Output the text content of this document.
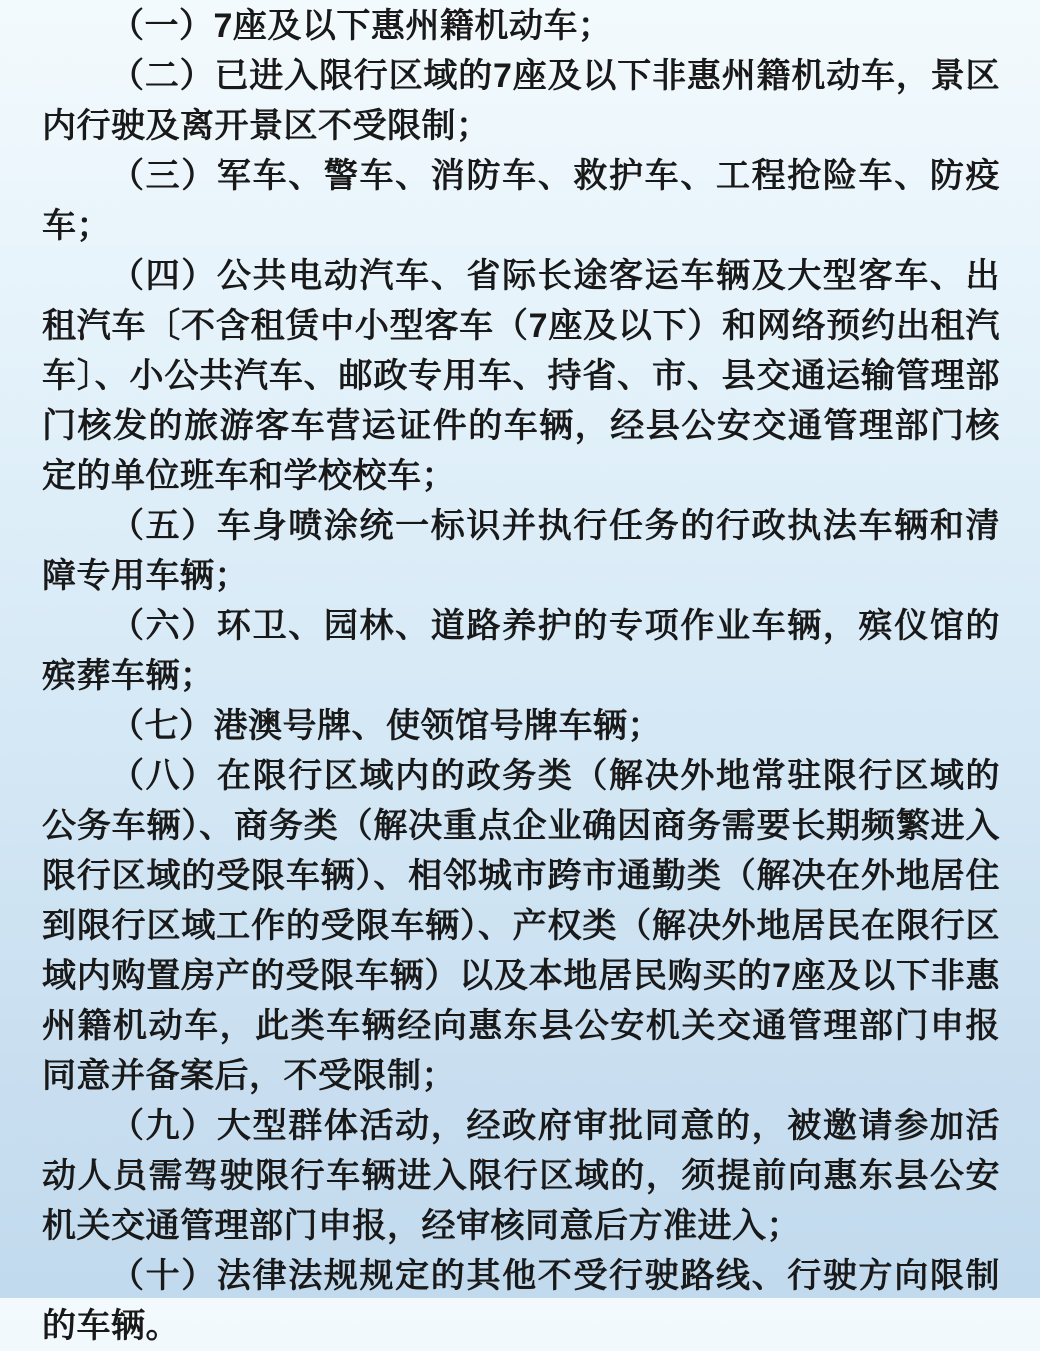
（一）7座及以下惠州籍机动车；

（二）已进入限行区域的7座及以下非惠州籍机动车，景区内行驶及离开景区不受限制；

（三）军车、警车、消防车、救护车、工程抢险车、防疫车；

（四）公共电动汽车、省际长途客运车辆及大型客车、出租汽车〔不含租赁中小型客车（7座及以下）和网络预约出租汽车〕、小公共汽车、邮政专用车、持省、市、县交通运输管理部门核发的旅游客车营运证件的车辆，经县公安交通管理部门核定的单位班车和学校校车；

（五）车身喷涂统一标识并执行任务的行政执法车辆和清障专用车辆；

（六）环卫、园林、道路养护的专项作业车辆，殡仪馆的殡葬车辆；

（七）港澳号牌、使领馆号牌车辆；

（八）在限行区域内的政务类（解决外地常驻限行区域的公务车辆）、商务类（解决重点企业确因商务需要长期频繁进入限行区域的受限车辆）、相邻城市跨市通勤类（解决在外地居住到限行区域工作的受限车辆）、产权类（解决外地居民在限行区域内购置房产的受限车辆）以及本地居民购买的7座及以下非惠州籍机动车，此类车辆经向惠东县公安机关交通管理部门申报同意并备案后，不受限制；

（九）大型群体活动，经政府审批同意的，被邀请参加活动人员需驾驶限行车辆进入限行区域的，须提前向惠东县公安机关交通管理部门申报，经审核同意后方准进入；

（十）法律法规规定的其他不受行驶路线、行驶方向限制的车辆。
